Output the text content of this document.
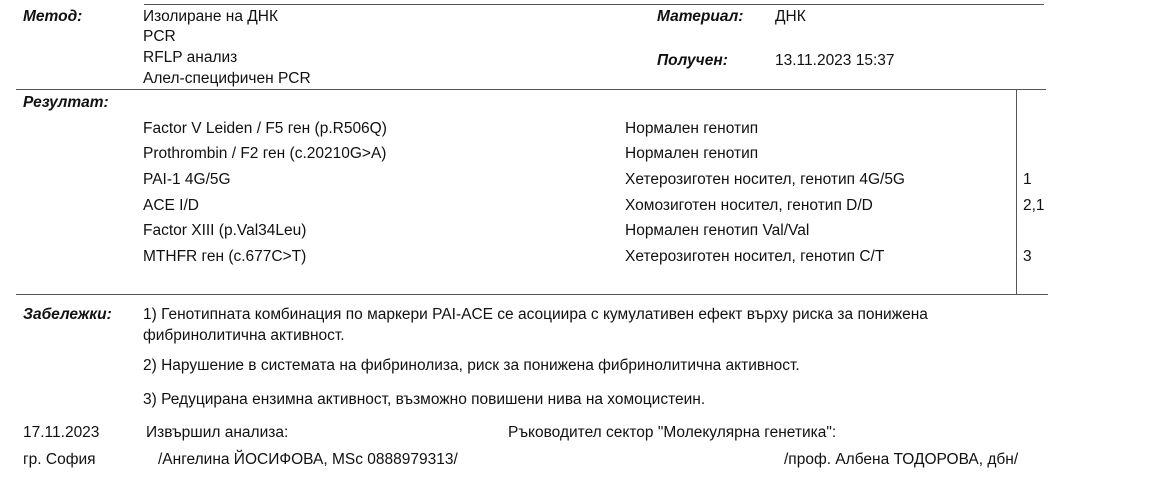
Метод:	Изолиране на ДНК
PCR
RFLP анализ
Алел-специфичен PCR
Материал: ДНК
Получен:	13.11.2023 15:37
Резултат:
Factor V Leiden / F5 ген (p.R506Q)	Нормален генотип
Prothrombin / F2 ген (c.20210G>A)	Нормален генотип
PAI-1 4G/5G	Хетерозиготен носител, генотип 4G/5G	1
ACE I/D	Хомозиготен носител, генотип D/D	2,1
Factor XIII (p.Val34Leu)	Нормален генотип Val/Val
MTHFR ген (c.677C>T)	Хетерозиготен носител, генотип C/T	3
Забележки: 1) Генотипната комбинация по маркери PAI-ACE се асоциира с кумулативен ефект върху риска за понижена
фибринолитична активност.
2) Нарушение в системата на фибринолиза, риск за понижена фибринолитична активност.
3) Редуцирана ензимна активност, възможно повишени нива на хомоцистеин.
17.11.2023
гр. София
Извършил анализа:
/Ангелина ЙОСИФОВА, MSc 0888979313/
Ръководител сектор "Молекулярна генетика":
/проф. Албена ТОДОРОВА, дбн/
